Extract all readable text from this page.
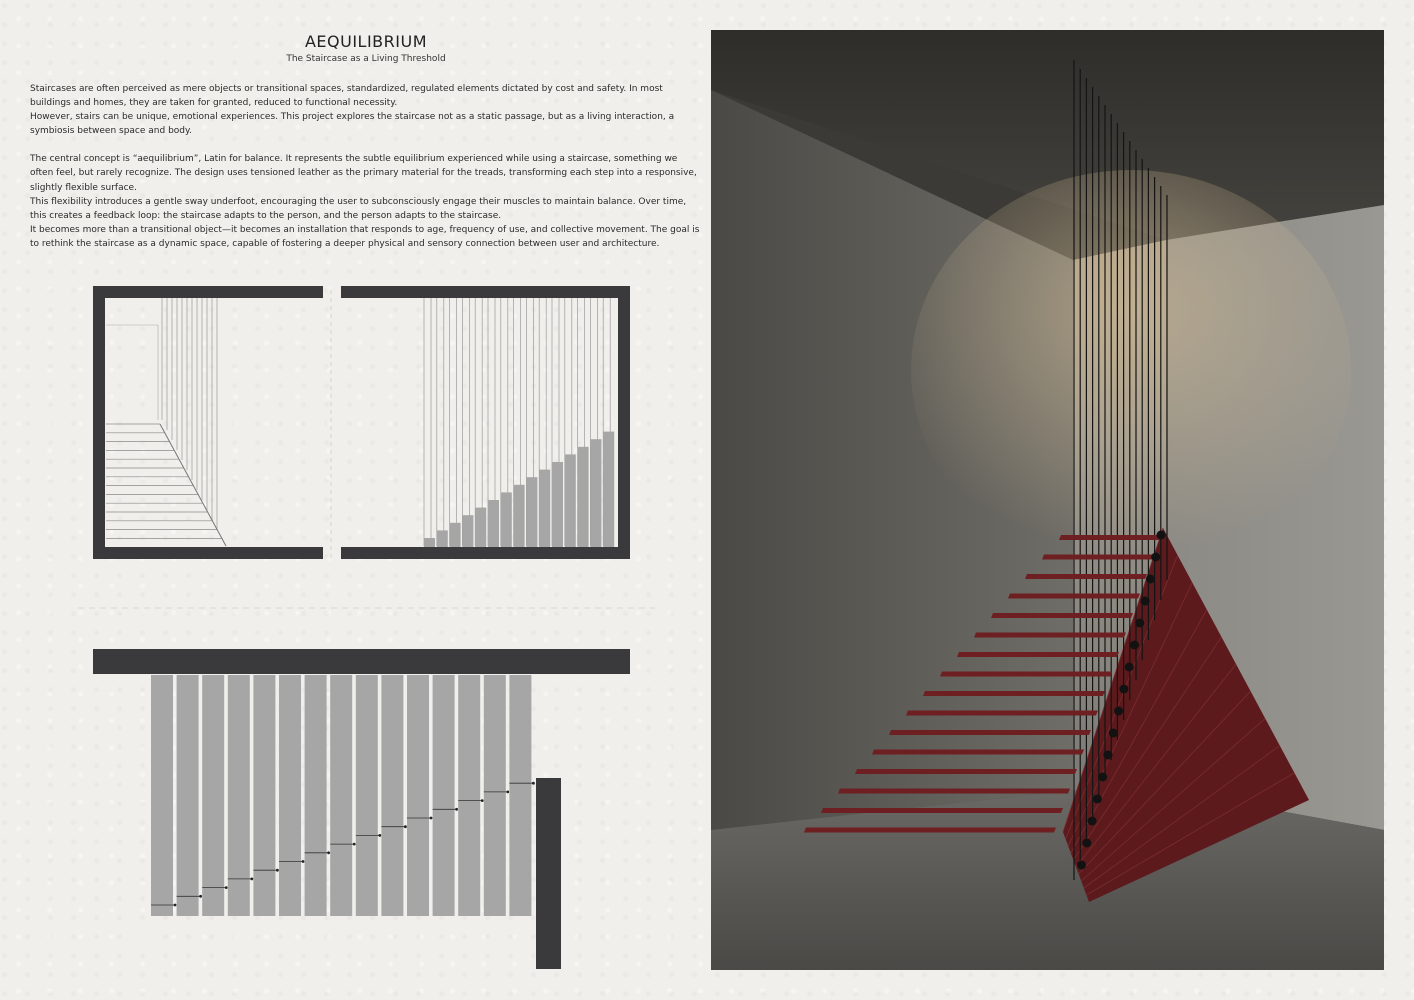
AEQUILIBRIUM
The Staircase as a Living Threshold

Staircases are often perceived as mere objects or transitional spaces, standardized, regulated elements dictated by cost and safety. In most buildings and homes, they are taken for granted, reduced to functional necessity.

However, stairs can be unique, emotional experiences. This project explores the staircase not as a static passage, but as a living interaction, a symbiosis between space and body.

The central concept is “aequilibrium”, Latin for balance. It represents the subtle equilibrium experienced while using a staircase, something we often feel, but rarely recognize. The design uses tensioned leather as the primary material for the treads, transforming each step into a responsive, slightly flexible surface.

This flexibility introduces a gentle sway underfoot, encouraging the user to subconsciously engage their muscles to maintain balance. Over time, this creates a feedback loop: the staircase adapts to the person, and the person adapts to the staircase.

It becomes more than a transitional object—it becomes an installation that responds to age, frequency of use, and collective movement. The goal is to rethink the staircase as a dynamic space, capable of fostering a deeper physical and sensory connection between user and architecture.
